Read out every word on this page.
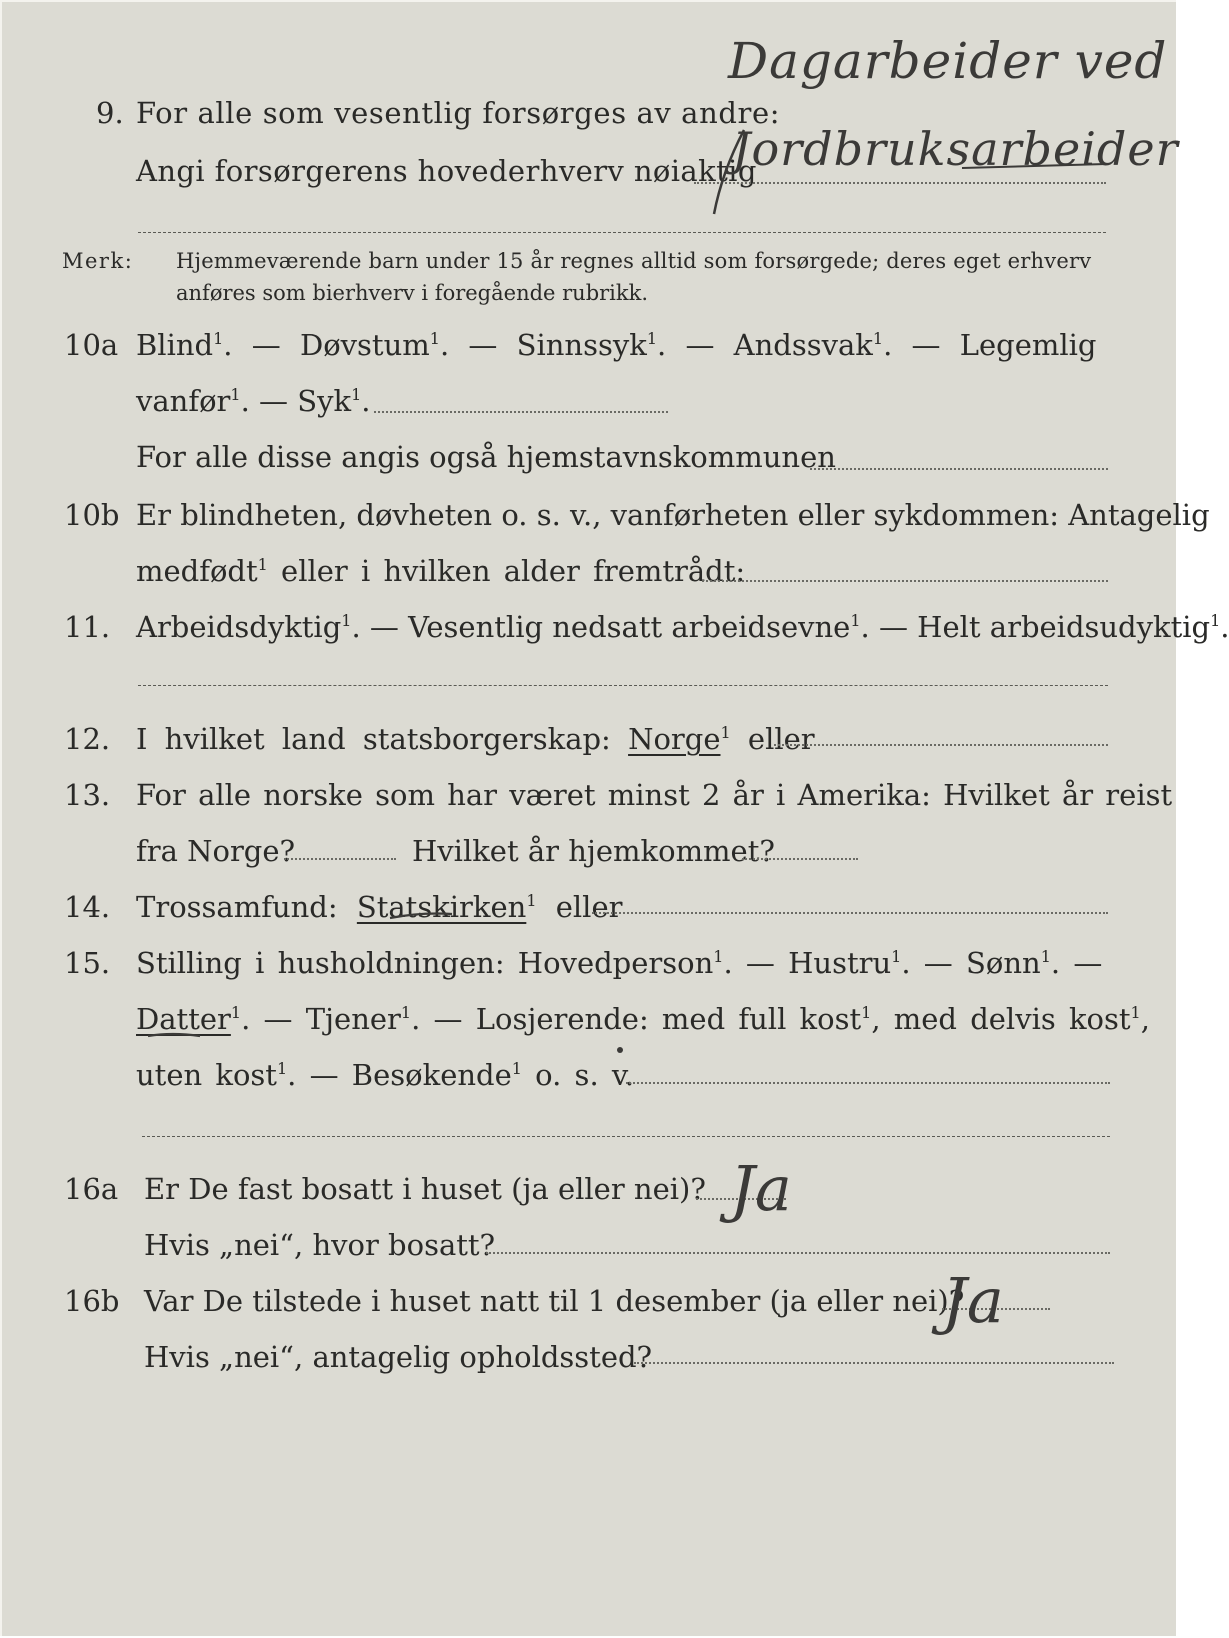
9. For alle som vesentlig forsørges av andre:
Angi forsørgerens hovederhverv nøiaktig
Dagarbeider ved
Jordbruksarbeider
Merk: Hjemmeværende barn under 15 år regnes alltid som forsørgede; deres eget erhverv
anføres som bierhverv i foregående rubrikk.
10a Blind$^1$. — Døvstum$^1$. — Sinnssyk$^1$. — Andssvak$^1$. — Legemlig
vanfør$^1$. — Syk$^1$.
For alle disse angis også hjemstavnskommunen
10b Er blindheten, døvheten o. s. v., vanførheten eller sykdommen: Antagelig
medfødt$^1$ eller i hvilken alder fremtrådt:
11. Arbeidsdyktig$^1$. — Vesentlig nedsatt arbeidsevne$^1$. — Helt arbeidsudyktig$^1$.
12. I hvilket land statsborgerskap: Norge$^1$ eller
13. For alle norske som har været minst 2 år i Amerika: Hvilket år reist
fra Norge?	Hvilket år hjemkommet?
14. Trossamfund: Statskirken$^1$ eller
15. Stilling i husholdningen: Hovedperson$^1$. — Hustru$^1$. — Sønn$^1$. —
Datter$^1$. — Tjener$^1$. — Losjerende: med full kost$^1$, med delvis kost$^1$,
uten kost$^1$. — Besøkende$^1$ o. s. v.
16a Er De fast bosatt i huset (ja eller nei)? Ja
Hvis „nei“, hvor bosatt?
16b Var De tilstede i huset natt til 1 desember (ja eller nei)?
Ja
Hvis „nei“, antagelig opholdssted?
